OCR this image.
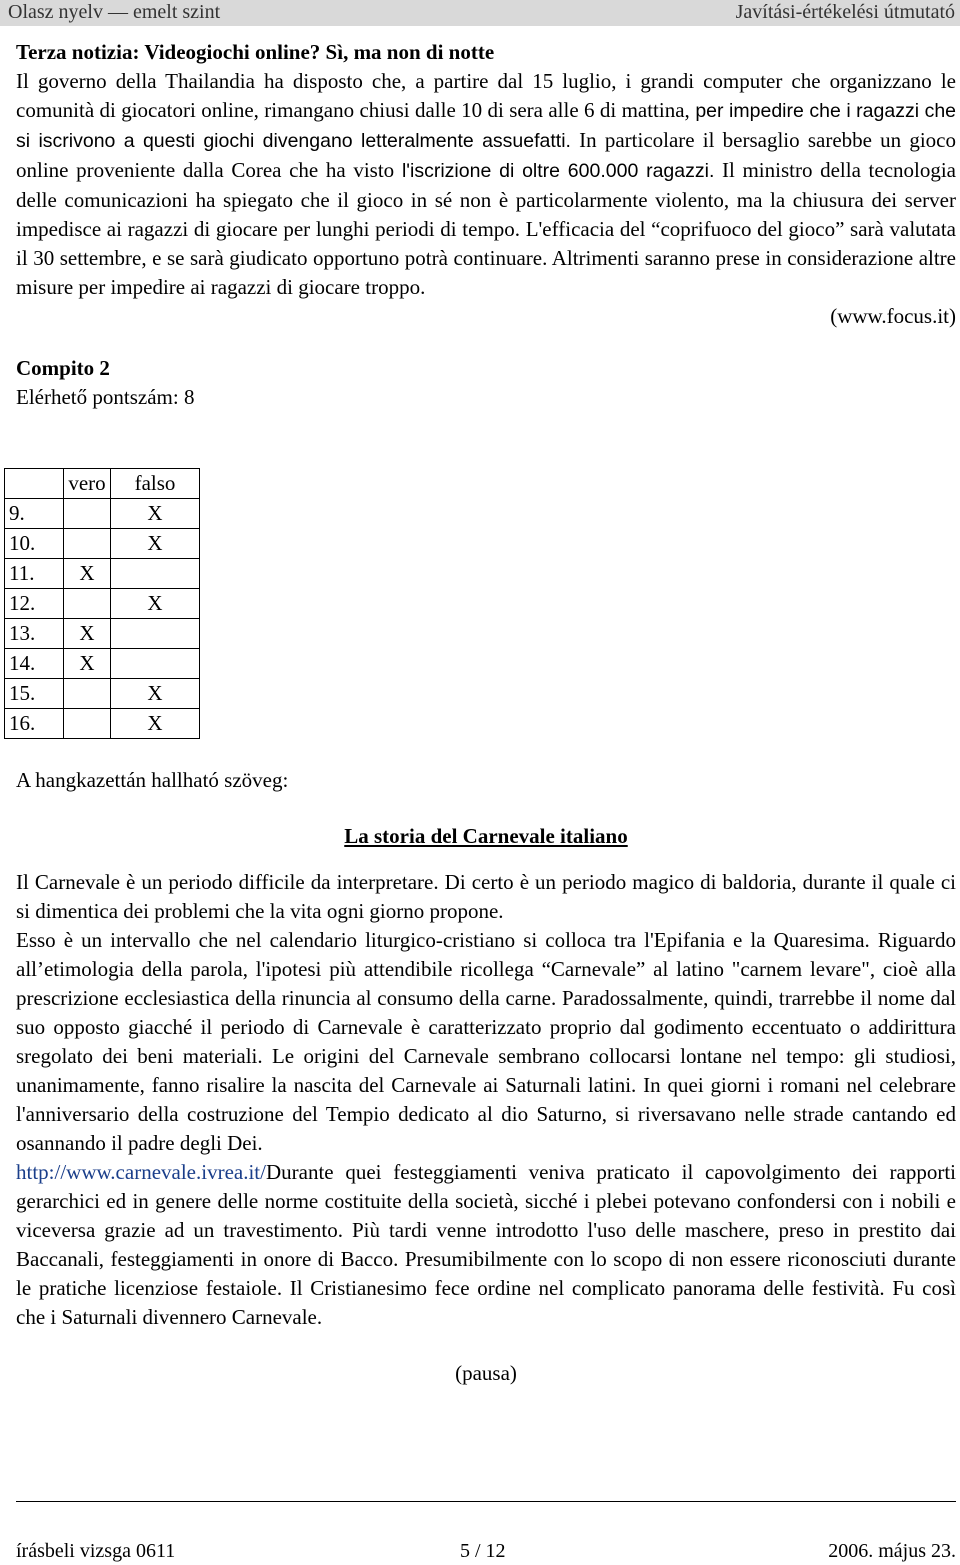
Olasz nyelv — emelt szint	Javítási-értékelési útmutató

Terza notizia: Videogiochi online? Sì, ma non di notte

Il governo della Thailandia ha disposto che, a partire dal 15 luglio, i grandi computer che organizzano le comunità di giocatori online, rimangano chiusi dalle 10 di sera alle 6 di mattina, per impedire che i ragazzi che si iscrivono a questi giochi divengano letteralmente assuefatti. In particolare il bersaglio sarebbe un gioco online proveniente dalla Corea che ha visto l'iscrizione di oltre 600.000 ragazzi. Il ministro della tecnologia delle comunicazioni ha spiegato che il gioco in sé non è particolarmente violento, ma la chiusura dei server impedisce ai ragazzi di giocare per lunghi periodi di tempo. L'efficacia del “coprifuoco del gioco” sarà valutata il 30 settembre, e se sarà giudicato opportuno potrà continuare. Altrimenti saranno prese in considerazione altre misure per impedire ai ragazzi di giocare troppo.

(www.focus.it)

Compito 2

Elérhető pontszám: 8

	vero	falso
9.		X
10.		X
11.	X	
12.		X
13.	X	
14.	X	
15.		X
16.		X

A hangkazettán hallható szöveg:

La storia del Carnevale italiano

Il Carnevale è un periodo difficile da interpretare. Di certo è un periodo magico di baldoria, durante il quale ci si dimentica dei problemi che la vita ogni giorno propone.

Esso è un intervallo che nel calendario liturgico-cristiano si colloca tra l'Epifania e la Quaresima. Riguardo all’etimologia della parola, l'ipotesi più attendibile ricollega “Carnevale” al latino "carnem levare", cioè alla prescrizione ecclesiastica della rinuncia al consumo della carne. Paradossalmente, quindi, trarrebbe il nome dal suo opposto giacché il periodo di Carnevale è caratterizzato proprio dal godimento eccentuato o addirittura sregolato dei beni materiali. Le origini del Carnevale sembrano collocarsi lontane nel tempo: gli studiosi, unanimamente, fanno risalire la nascita del Carnevale ai Saturnali latini. In quei giorni i romani nel celebrare l'anniversario della costruzione del Tempio dedicato al dio Saturno, si riversavano nelle strade cantando ed osannando il padre degli Dei.

http://www.carnevale.ivrea.it/Durante quei festeggiamenti veniva praticato il capovolgimento dei rapporti gerarchici ed in genere delle norme costituite della società, sicché i plebei potevano confondersi con i nobili e viceversa grazie ad un travestimento. Più tardi venne introdotto l'uso delle maschere, preso in prestito dai Baccanali, festeggiamenti in onore di Bacco. Presumibilmente con lo scopo di non essere riconosciuti durante le pratiche licenziose festaiole. Il Cristianesimo fece ordine nel complicato panorama delle festività. Fu così che i Saturnali divennero Carnevale.

(pausa)

írásbeli vizsga 0611	5 / 12	2006. május 23.
